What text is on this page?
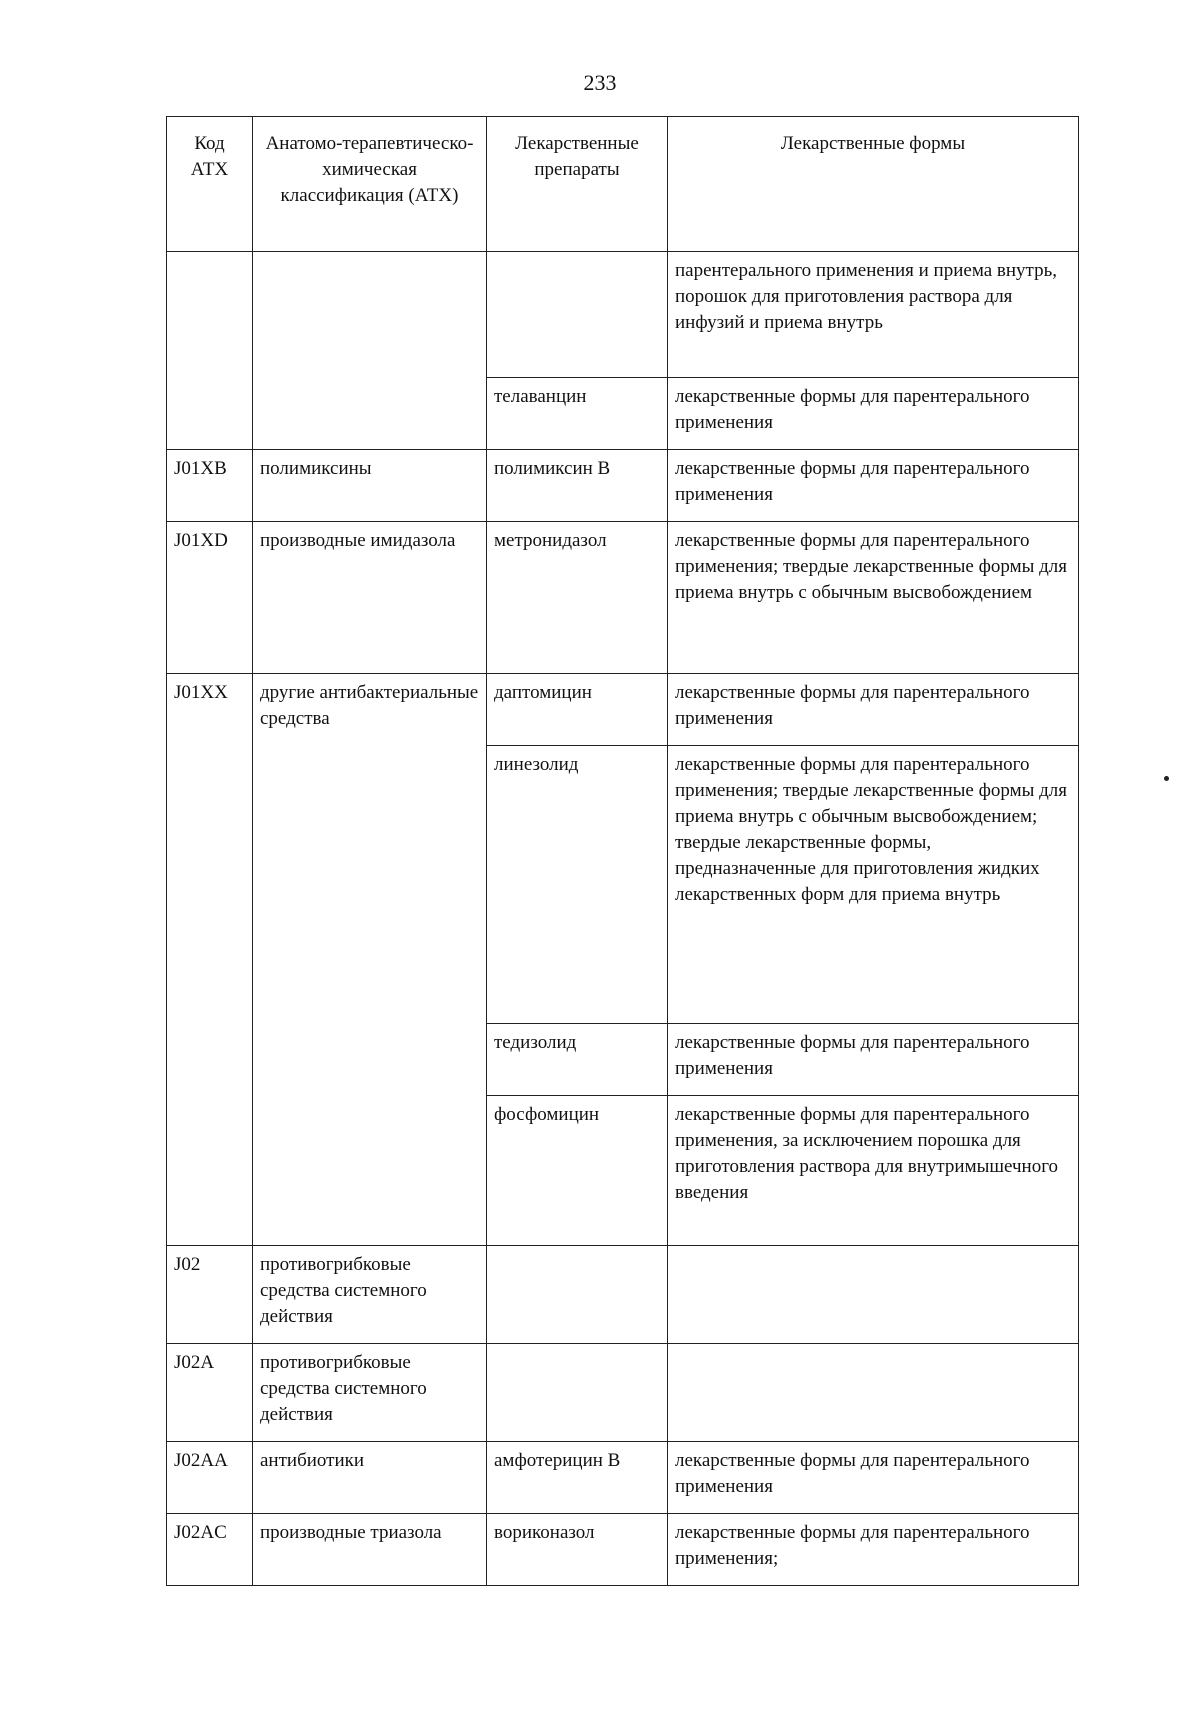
233
Код АТХ	Анатомо-терапевтическо-химическая классификация (АТХ)	Лекарственные препараты	Лекарственные формы
			парентерального применения и приема внутрь, порошок для приготовления раствора для инфузий и приема внутрь
		телаванцин	лекарственные формы для парентерального применения
J01XB	полимиксины	полимиксин В	лекарственные формы для парентерального применения
J01XD	производные имидазола	метронидазол	лекарственные формы для парентерального применения; твердые лекарственные формы для приема внутрь с обычным высвобождением
J01XX	другие антибактериальные средства	даптомицин	лекарственные формы для парентерального применения
		линезолид	лекарственные формы для парентерального применения; твердые лекарственные формы для приема внутрь с обычным высвобождением; твердые лекарственные формы, предназначенные для приготовления жидких лекарственных форм для приема внутрь
		тедизолид	лекарственные формы для парентерального применения
		фосфомицин	лекарственные формы для парентерального применения, за исключением порошка для приготовления раствора для внутримышечного введения
J02	противогрибковые средства системного действия		
J02A	противогрибковые средства системного действия		
J02AA	антибиотики	амфотерицин В	лекарственные формы для парентерального применения
J02AC	производные триазола	вориконазол	лекарственные формы для парентерального применения;
